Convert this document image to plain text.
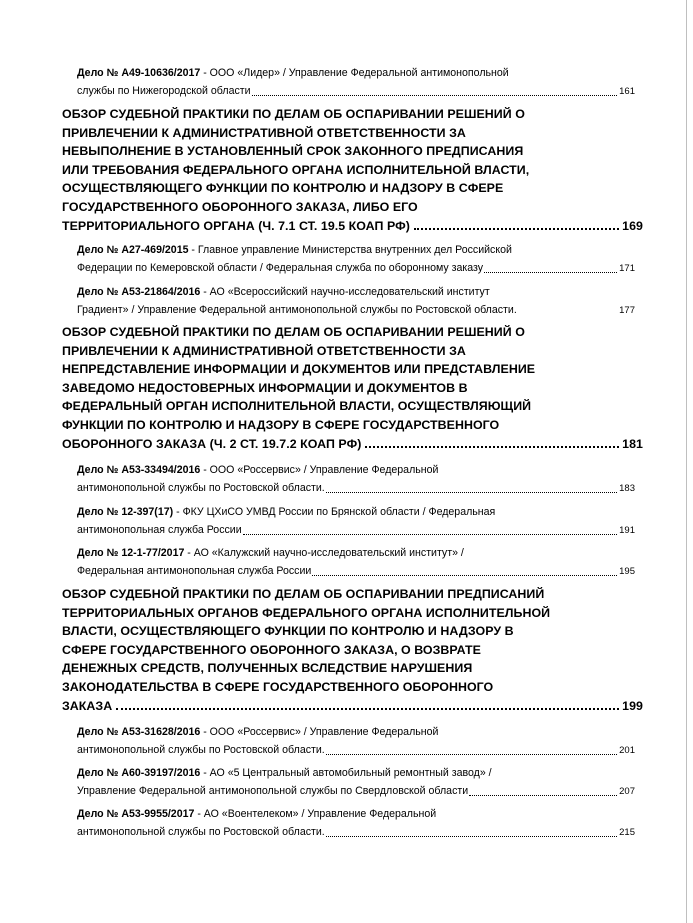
Дело № А49-10636/2017 - ООО «Лидер» / Управление Федеральной антимонопольной
службы по Нижегородской области	161
ОБЗОР СУДЕБНОЙ ПРАКТИКИ ПО ДЕЛАМ ОБ ОСПАРИВАНИИ РЕШЕНИЙ О
ПРИВЛЕЧЕНИИ К АДМИНИСТРАТИВНОЙ ОТВЕТСТВЕННОСТИ ЗА
НЕВЫПОЛНЕНИЕ В УСТАНОВЛЕННЫЙ СРОК ЗАКОННОГО ПРЕДПИСАНИЯ
ИЛИ ТРЕБОВАНИЯ ФЕДЕРАЛЬНОГО ОРГАНА ИСПОЛНИТЕЛЬНОЙ ВЛАСТИ,
ОСУЩЕСТВЛЯЮЩЕГО ФУНКЦИИ ПО КОНТРОЛЮ И НАДЗОРУ В СФЕРЕ
ГОСУДАРСТВЕННОГО ОБОРОННОГО ЗАКАЗА, ЛИБО ЕГО
ТЕРРИТОРИАЛЬНОГО ОРГАНА (Ч. 7.1 СТ. 19.5 КОАП РФ)	169
Дело № А27-469/2015 - Главное управление Министерства внутренних дел Российской
Федерации по Кемеровской области / Федеральная служба по оборонному заказу	171
Дело № А53-21864/2016 - АО «Всероссийский научно-исследовательский институт
Градиент» / Управление Федеральной антимонопольной службы по Ростовской области.	177
ОБЗОР СУДЕБНОЙ ПРАКТИКИ ПО ДЕЛАМ ОБ ОСПАРИВАНИИ РЕШЕНИЙ О
ПРИВЛЕЧЕНИИ К АДМИНИСТРАТИВНОЙ ОТВЕТСТВЕННОСТИ ЗА
НЕПРЕДСТАВЛЕНИЕ ИНФОРМАЦИИ И ДОКУМЕНТОВ ИЛИ ПРЕДСТАВЛЕНИЕ
ЗАВЕДОМО НЕДОСТОВЕРНЫХ ИНФОРМАЦИИ И ДОКУМЕНТОВ В
ФЕДЕРАЛЬНЫЙ ОРГАН ИСПОЛНИТЕЛЬНОЙ ВЛАСТИ, ОСУЩЕСТВЛЯЮЩИЙ
ФУНКЦИИ ПО КОНТРОЛЮ И НАДЗОРУ В СФЕРЕ ГОСУДАРСТВЕННОГО
ОБОРОННОГО ЗАКАЗА (Ч. 2 СТ. 19.7.2 КОАП РФ)	181
Дело № А53-33494/2016 - ООО «Россервис» / Управление Федеральной
антимонопольной службы по Ростовской области.	183
Дело № 12-397(17) - ФКУ ЦХиСО УМВД России по Брянской области / Федеральная
антимонопольная служба России	191
Дело № 12-1-77/2017 - АО «Калужский научно-исследовательский институт» /
Федеральная антимонопольная служба России	195
ОБЗОР СУДЕБНОЙ ПРАКТИКИ ПО ДЕЛАМ ОБ ОСПАРИВАНИИ ПРЕДПИСАНИЙ
ТЕРРИТОРИАЛЬНЫХ ОРГАНОВ ФЕДЕРАЛЬНОГО ОРГАНА ИСПОЛНИТЕЛЬНОЙ
ВЛАСТИ, ОСУЩЕСТВЛЯЮЩЕГО ФУНКЦИИ ПО КОНТРОЛЮ И НАДЗОРУ В
СФЕРЕ ГОСУДАРСТВЕННОГО ОБОРОННОГО ЗАКАЗА, О ВОЗВРАТЕ
ДЕНЕЖНЫХ СРЕДСТВ, ПОЛУЧЕННЫХ ВСЛЕДСТВИЕ НАРУШЕНИЯ
ЗАКОНОДАТЕЛЬСТВА В СФЕРЕ ГОСУДАРСТВЕННОГО ОБОРОННОГО
ЗАКАЗА	199
Дело № А53-31628/2016 - ООО «Россервис» / Управление Федеральной
антимонопольной службы по Ростовской области.	201
Дело № А60-39197/2016 - АО «5 Центральный автомобильный ремонтный завод» /
Управление Федеральной антимонопольной службы по Свердловской области	207
Дело № А53-9955/2017 - АО «Воентелеком» / Управление Федеральной
антимонопольной службы по Ростовской области.	215
